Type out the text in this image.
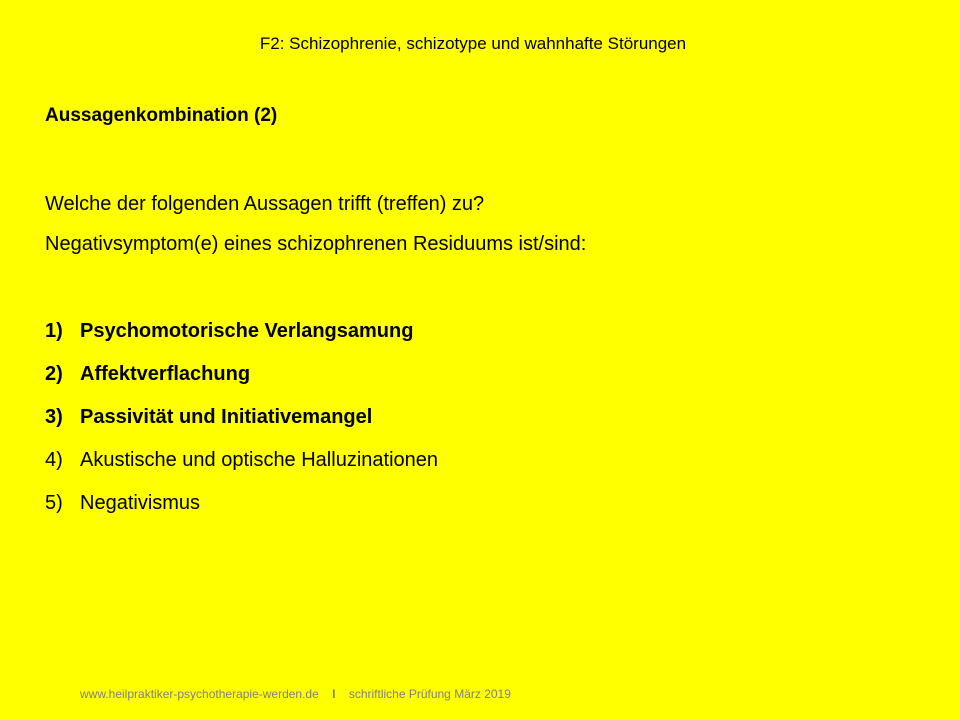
F2: Schizophrenie, schizotype und wahnhafte Störungen
Aussagenkombination (2)
Welche der folgenden Aussagen trifft (treffen) zu?
Negativsymptom(e) eines schizophrenen Residuums ist/sind:
1) Psychomotorische Verlangsamung
2) Affektverflachung
3) Passivität und Initiativemangel
4) Akustische und optische Halluzinationen
5) Negativismus
www.heilpraktiker-psychotherapie-werden.de I schriftliche Prüfung März 2019
